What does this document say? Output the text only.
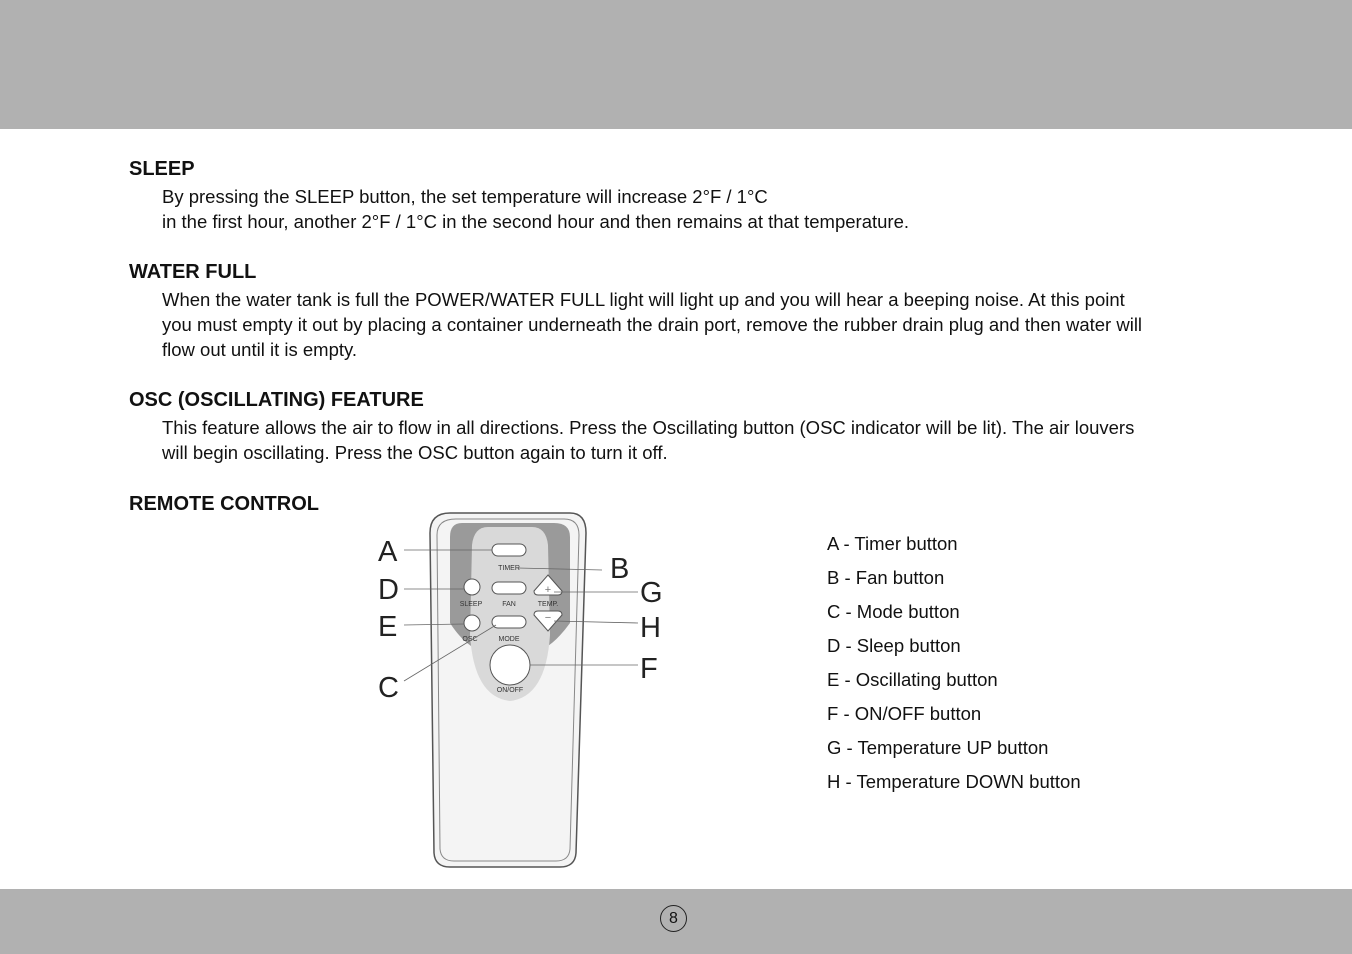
SLEEP

By pressing the SLEEP button, the set temperature will increase 2°F / 1°C

in the first hour, another 2°F / 1°C in the second hour and then remains at that temperature.

WATER FULL

When the water tank is full the POWER/WATER FULL light will light up and you will hear a beeping noise. At this point

you must empty it out by placing a container underneath the drain port, remove the rubber drain plug and then water will

flow out until it is empty.

OSC (OSCILLATING) FEATURE

This feature allows the air to flow in all directions. Press the Oscillating button (OSC indicator will be lit). The air louvers

will begin oscillating. Press the OSC button again to turn it off.

REMOTE CONTROL
TIMER
SLEEP	FAN
+
TEMP.
−
OSC	MODE
ON/OFF
A
D
E
C
B
G
H
F
A - Timer button
B - Fan button
C - Mode button
D - Sleep button
E - Oscillating button
F - ON/OFF button
G - Temperature UP button
H - Temperature DOWN button
8
